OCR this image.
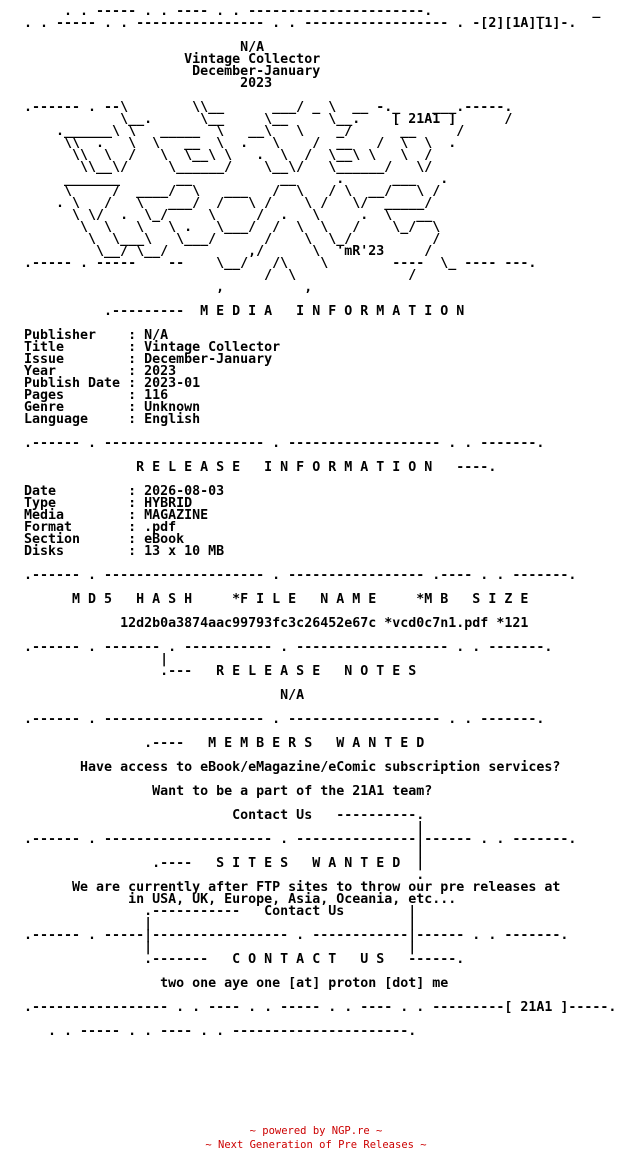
. . ----- . . ---- . . ----------------------.             _      _
. . ----- . . ---------------- . . ------------------ . -[2][1A][1]-.

N/A
Vintage Collector
December-January
2023

.------ . --\        \\__      ___/ _ \  __ -._    ___.-----.
\__.      \__     \__     \__.    [ 21A1 ]      /
.______\ \   _____  \   __\   \    _/      __     /
\\  .   \  \   __  \  .   \    /  __   /  \  \  .
\\  \  /   \  \__\ \   .  \  /  \__\ \   \  /
\\__\/     \______/    \__\/   \______/   \/
_______       __           __     .      ___   .
\     /  ____/  \   ___   /  \   / \  __/   \ /
. \   /   \   ___/  /   \ /    \ /   \/  _____/
\ \/  .  \_/     \     /  .   \     .  \   __
\  \   \   \ .   \___/  /  \  \   /    \_/  \
\  \___\   \___/      /    \  \_/          /
\__/ \__/          ,/      \  'mR'23     /
.----- . -----    --    \__/   /\    \        ----  \_ ---- ---.
/  \              /
,          ,

.---------  M E D I A   I N F O R M A T I O N

Publisher    : N/A
Title        : Vintage Collector
Issue        : December-January
Year         : 2023
Publish Date : 2023-01
Pages        : 116
Genre        : Unknown
Language     : English

.------ . -------------------- . ------------------- . . -------.

R E L E A S E   I N F O R M A T I O N   ----.

Date         : 2026-08-03
Type         : HYBRID
Media        : MAGAZINE
Format       : .pdf
Section      : eBook
Disks        : 13 x 10 MB

.------ . -------------------- . ----------------- .---- . . -------.

M D 5   H A S H     *F I L E   N A M E     *M B   S I Z E

12d2b0a3874aac99793fc3c26452e67c *vcd0c7n1.pdf *121

.------ . ------- . ----------- . ------------------- . . -------.
|
.---   R E L E A S E   N O T E S

N/A

.------ . -------------------- . ------------------- . . -------.

.----   M E M B E R S   W A N T E D

Have access to eBook/eMagazine/eComic subscription services?

Want to be a part of the 21A1 team?

Contact Us   ----------.
|
.------ . --------------------- . ---------------|------ . . -------.
|
.----   S I T E S   W A N T E D  |
.
We are currently after FTP sites to throw our pre releases at
in USA, UK, Europe, Asia, Oceania, etc...
.-----------   Contact Us        |
|                                |
.------ . -----|----------------- . ------------|------ . . -------.
|                                |
.-------   C O N T A C T   U S   ------.

two one aye one [at] proton [dot] me

.----------------- . . ---- . . ----- . . ---- . . ---------[ 21A1 ]-----.

. . ----- . . ---- . . ----------------------.
~ powered by NGP.re ~
~ Next Generation of Pre Releases ~
